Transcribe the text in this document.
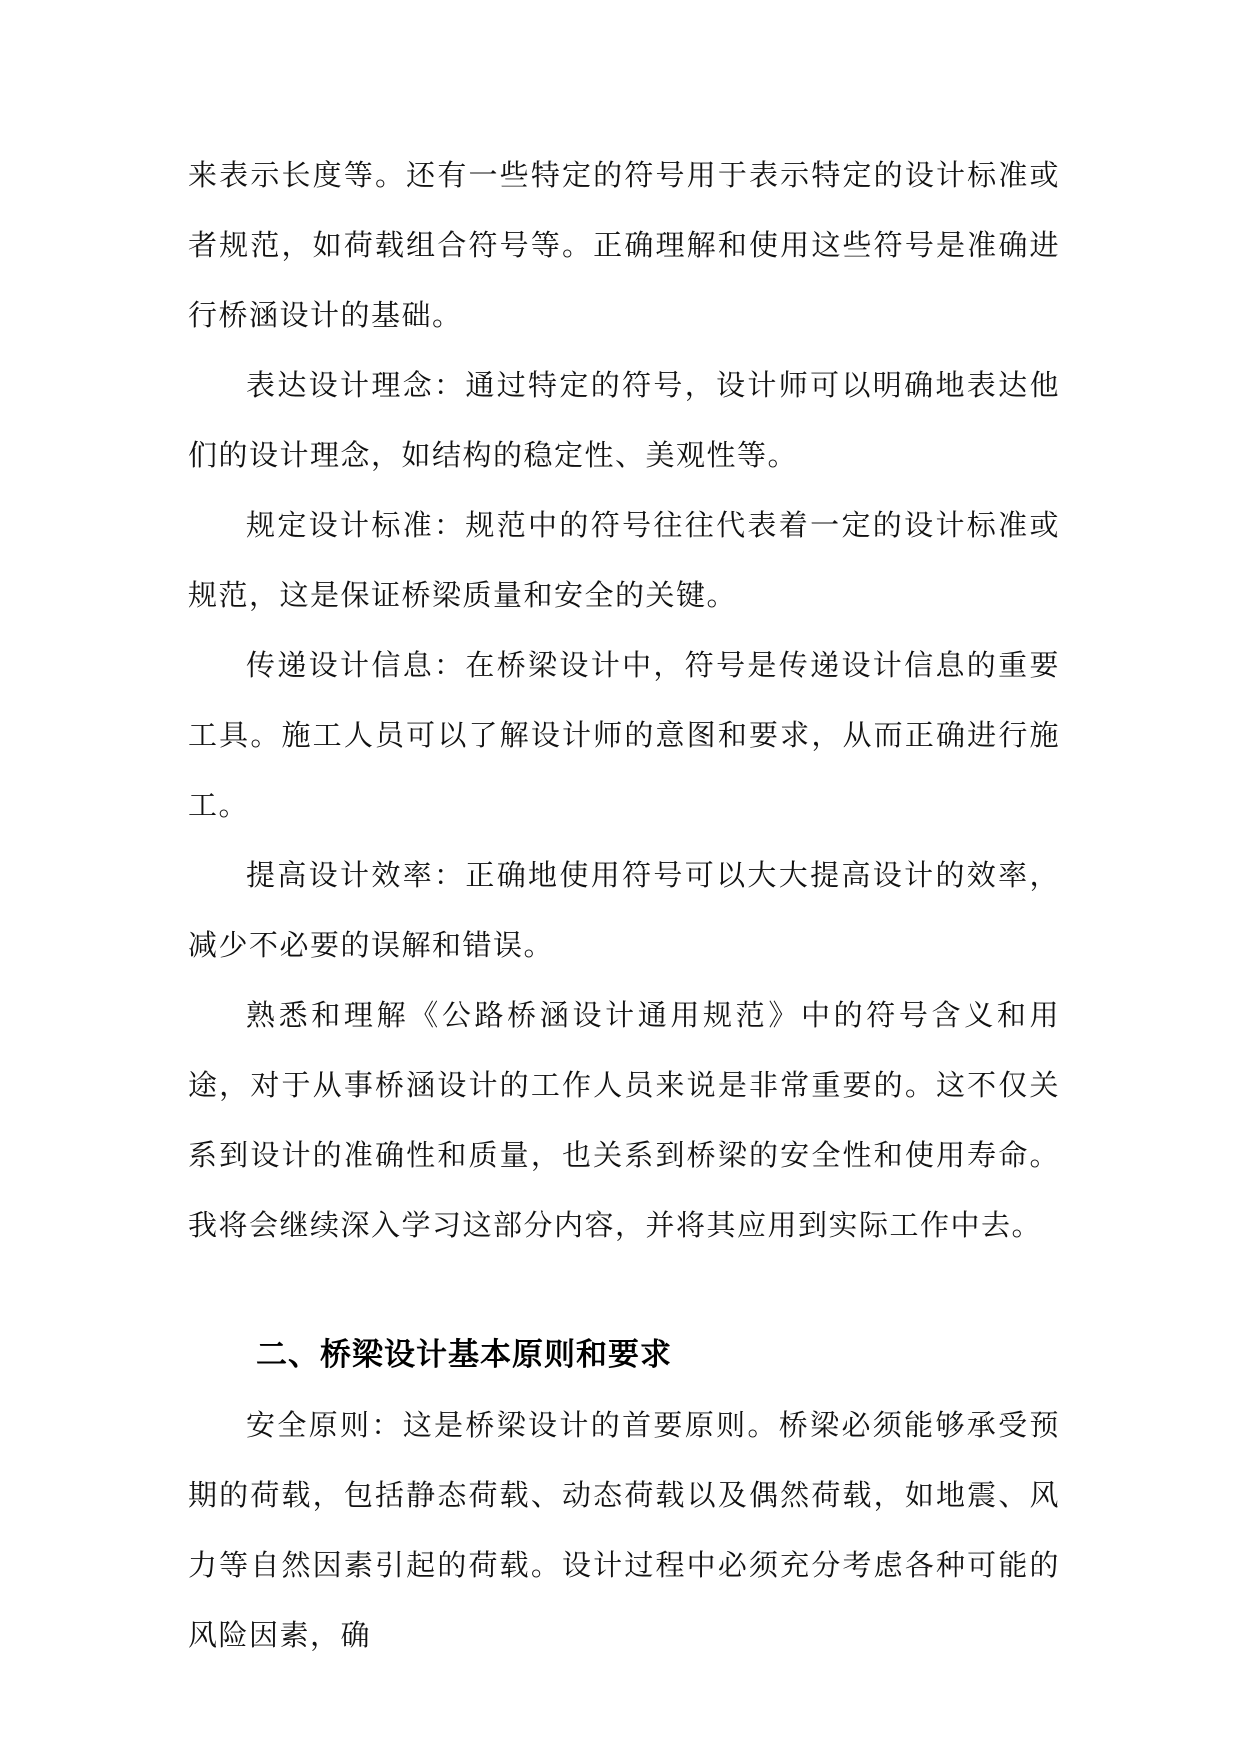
来表示长度等。还有一些特定的符号用于表示特定的设计标准或者规范，如荷载组合符号等。正确理解和使用这些符号是准确进行桥涵设计的基础。

表达设计理念：通过特定的符号，设计师可以明确地表达他们的设计理念，如结构的稳定性、美观性等。

规定设计标准：规范中的符号往往代表着一定的设计标准或规范，这是保证桥梁质量和安全的关键。

传递设计信息：在桥梁设计中，符号是传递设计信息的重要工具。施工人员可以了解设计师的意图和要求，从而正确进行施工。

提高设计效率：正确地使用符号可以大大提高设计的效率，减少不必要的误解和错误。

熟悉和理解《公路桥涵设计通用规范》中的符号含义和用途，对于从事桥涵设计的工作人员来说是非常重要的。这不仅关系到设计的准确性和质量，也关系到桥梁的安全性和使用寿命。我将会继续深入学习这部分内容，并将其应用到实际工作中去。

二、桥梁设计基本原则和要求

安全原则：这是桥梁设计的首要原则。桥梁必须能够承受预期的荷载，包括静态荷载、动态荷载以及偶然荷载，如地震、风力等自然因素引起的荷载。设计过程中必须充分考虑各种可能的风险因素，确
